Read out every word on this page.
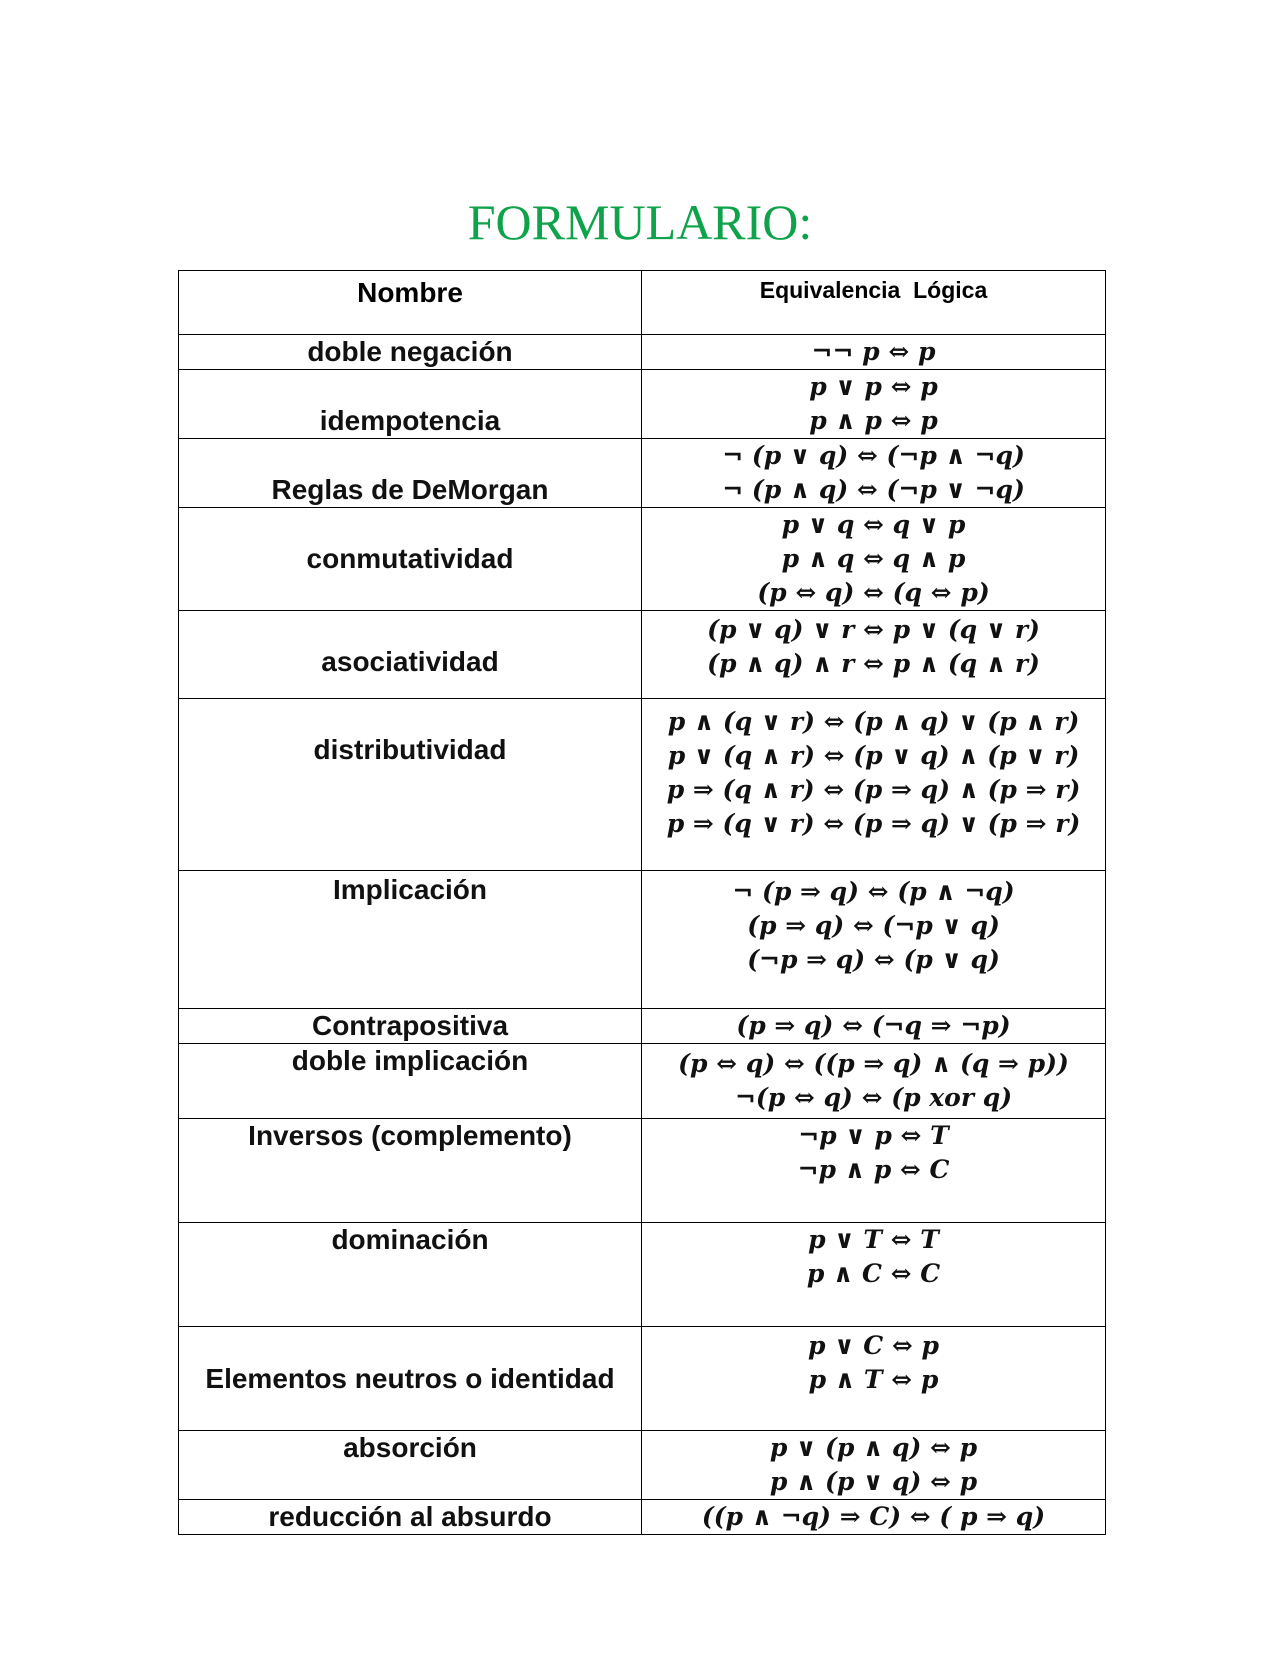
FORMULARIO:
Nombre	Equivalencia  Lógica
doble negación	¬¬ p ⇔ p

idempotencia	p ∨ p ⇔ p
p ∧ p ⇔ p

Reglas de DeMorgan	¬ (p ∨ q) ⇔ (¬p ∧ ¬q)
¬ (p ∧ q) ⇔ (¬p ∨ ¬q)

conmutatividad	p ∨ q ⇔ q ∨ p
p ∧ q ⇔ q ∧ p
(p ⇔ q) ⇔ (q ⇔ p)

asociatividad	(p ∨ q) ∨ r ⇔ p ∨ (q ∨ r)
(p ∧ q) ∧ r ⇔ p ∧ (q ∧ r)

distributividad	p ∧ (q ∨ r) ⇔ (p ∧ q) ∨ (p ∧ r)
p ∨ (q ∧ r) ⇔ (p ∨ q) ∧ (p ∨ r)
p ⇒ (q ∧ r) ⇔ (p ⇒ q) ∧ (p ⇒ r)
p ⇒ (q ∨ r) ⇔ (p ⇒ q) ∨ (p ⇒ r)

Implicación	¬ (p ⇒ q) ⇔ (p ∧ ¬q)
(p ⇒ q) ⇔ (¬p ∨ q)
(¬p ⇒ q) ⇔ (p ∨ q)

Contrapositiva	(p ⇒ q) ⇔ (¬q ⇒ ¬p)

doble implicación	(p ⇔ q) ⇔ ((p ⇒ q) ∧ (q ⇒ p))
¬(p ⇔ q) ⇔ (p xor q)

Inversos (complemento)	¬p ∨ p ⇔ T
¬p ∧ p ⇔ C

dominación	p ∨ T ⇔ T
p ∧ C ⇔ C

Elementos neutros o identidad	p ∨ C ⇔ p
p ∧ T ⇔ p

absorción	p ∨ (p ∧ q) ⇔ p
p ∧ (p ∨ q) ⇔ p

reducción al absurdo	((p ∧ ¬q) ⇒ C) ⇔ ( p ⇒ q)
